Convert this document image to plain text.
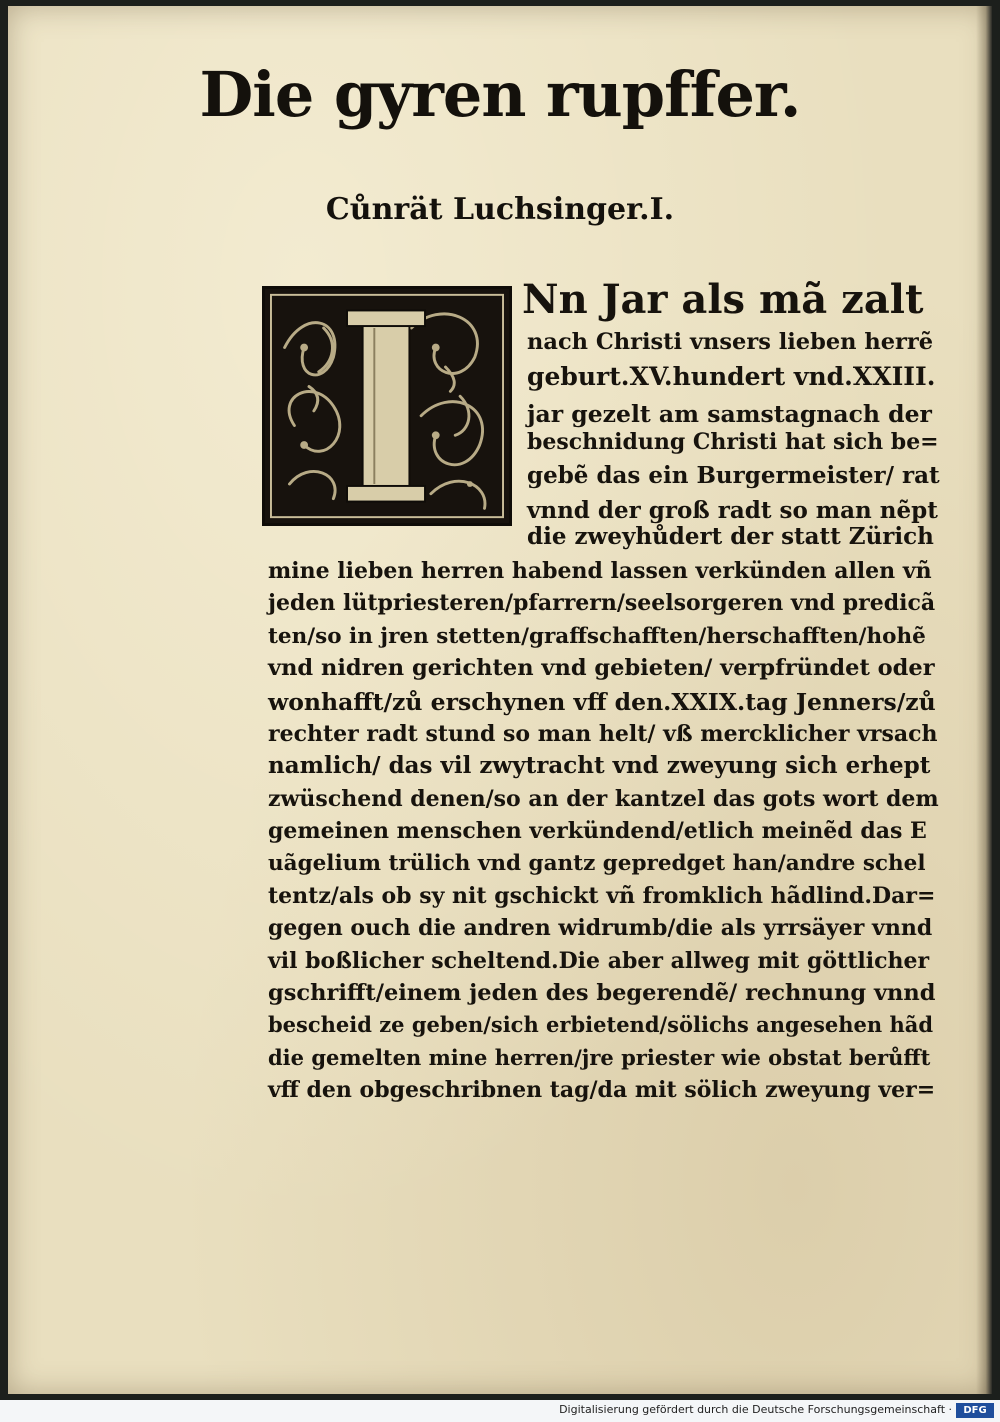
Die gyren rupffer.
Cůnrät Luchsinger.I.
Nn Jar als mã zalt
nach Christi vnsers lieben herrẽ
geburt.XV.hundert vnd.XXIII.
jar gezelt am samstagnach der
beschnidung Christi hat sich be=
gebẽ das ein Burgermeister/ rat
vnnd der groß radt so man nẽpt
die zweyhůdert der statt Zürich
mine lieben herren habend lassen verkünden allen vñ
jeden lütpriesteren/pfarrern/seelsorgeren vnd predicã
ten/so in jren stetten/graffschafften/herschafften/hohẽ
vnd nidren gerichten vnd gebieten/ verpfründet oder
wonhafft/zů erschynen vff den.XXIX.tag Jenners/zů
rechter radt stund so man helt/ vß mercklicher vrsach
namlich/ das vil zwytracht vnd zweyung sich erhept
zwüschend denen/so an der kantzel das gots wort dem
gemeinen menschen verkündend/etlich meinẽd das E
uãgelium trülich vnd gantz gepredget han/andre schel
tentz/als ob sy nit gschickt vñ fromklich hãdlind.Dar=
gegen ouch die andren widrumb/die als yrrsäyer vnnd
vil boßlicher scheltend.Die aber allweg mit göttlicher
gschrifft/einem jeden des begerendẽ/ rechnung vnnd
bescheid ze geben/sich erbietend/sölichs angesehen hãd
die gemelten mine herren/jre priester wie obstat berůfft
vff den obgeschribnen tag/da mit sölich zweyung ver=
Digitalisierung gefördert durch die Deutsche Forschungsgemeinschaft ·	DFG
